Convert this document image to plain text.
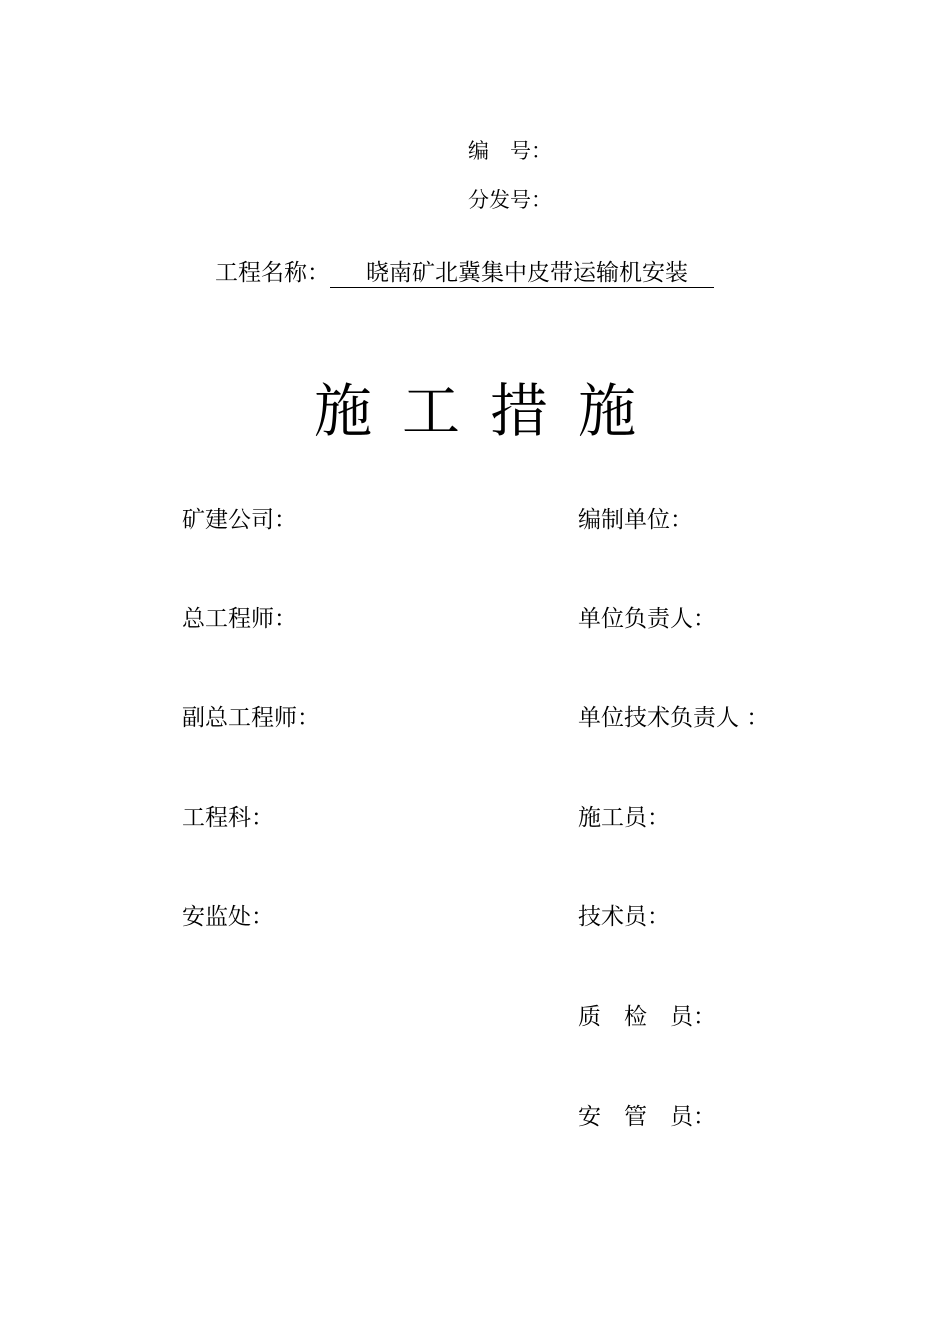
编　号：
分发号：
工程名称： 晓南矿北冀集中皮带运输机安装
施工措施
矿建公司：
总工程师：
副总工程师：
工程科：
安监处：
编制单位：
单位负责人：
单位技术负责人 ：
施工员：
技术员：
质　检　员：
安　管　员：
